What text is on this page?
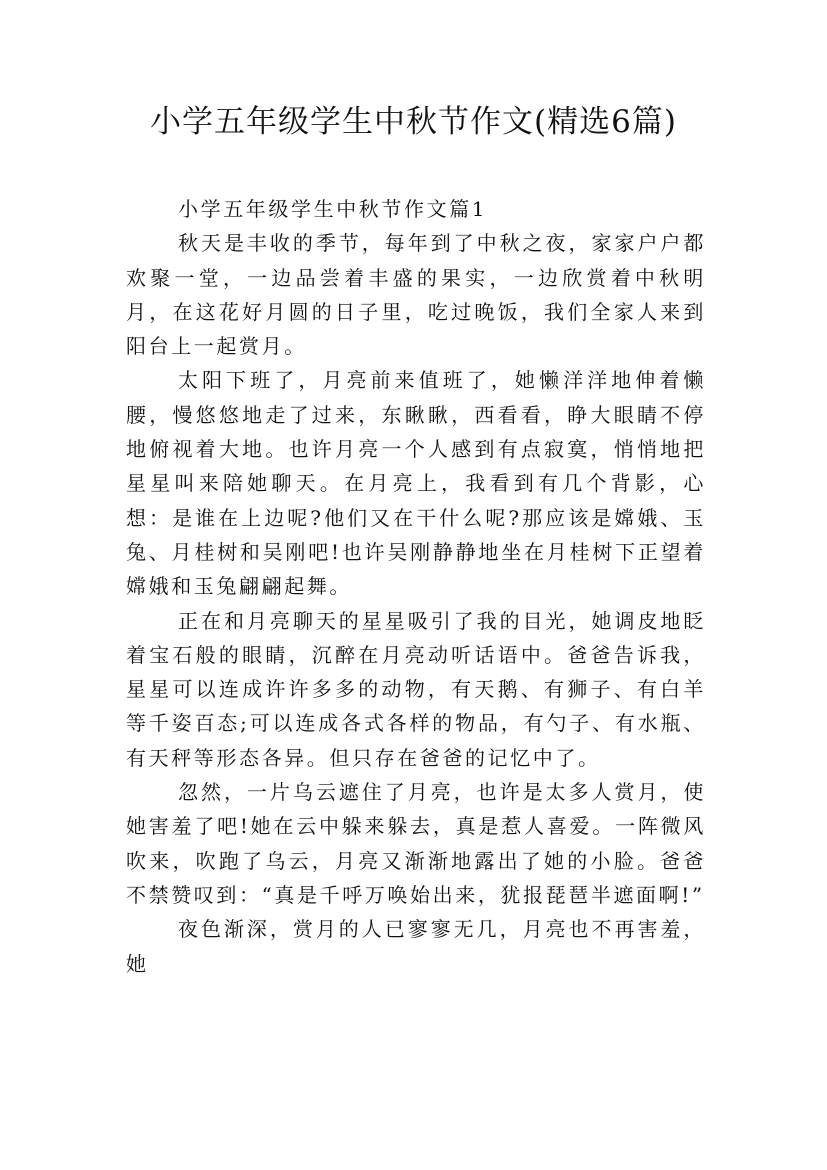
小学五年级学生中秋节作文(精选6篇)

小学五年级学生中秋节作文篇1

秋天是丰收的季节，每年到了中秋之夜，家家户户都欢聚一堂，一边品尝着丰盛的果实，一边欣赏着中秋明月，在这花好月圆的日子里，吃过晚饭，我们全家人来到阳台上一起赏月。

太阳下班了，月亮前来值班了，她懒洋洋地伸着懒腰，慢悠悠地走了过来，东瞅瞅，西看看，睁大眼睛不停地俯视着大地。也许月亮一个人感到有点寂寞，悄悄地把星星叫来陪她聊天。在月亮上，我看到有几个背影，心想：是谁在上边呢?他们又在干什么呢?那应该是嫦娥、玉兔、月桂树和吴刚吧!也许吴刚静静地坐在月桂树下正望着嫦娥和玉兔翩翩起舞。

正在和月亮聊天的星星吸引了我的目光，她调皮地眨着宝石般的眼睛，沉醉在月亮动听话语中。爸爸告诉我，星星可以连成许许多多的动物，有天鹅、有狮子、有白羊等千姿百态;可以连成各式各样的物品，有勺子、有水瓶、有天秤等形态各异。但只存在爸爸的记忆中了。

忽然，一片乌云遮住了月亮，也许是太多人赏月，使她害羞了吧!她在云中躲来躲去，真是惹人喜爱。一阵微风吹来，吹跑了乌云，月亮又渐渐地露出了她的小脸。爸爸不禁赞叹到：“真是千呼万唤始出来，犹报琵琶半遮面啊!”

夜色渐深，赏月的人已寥寥无几，月亮也不再害羞，她
